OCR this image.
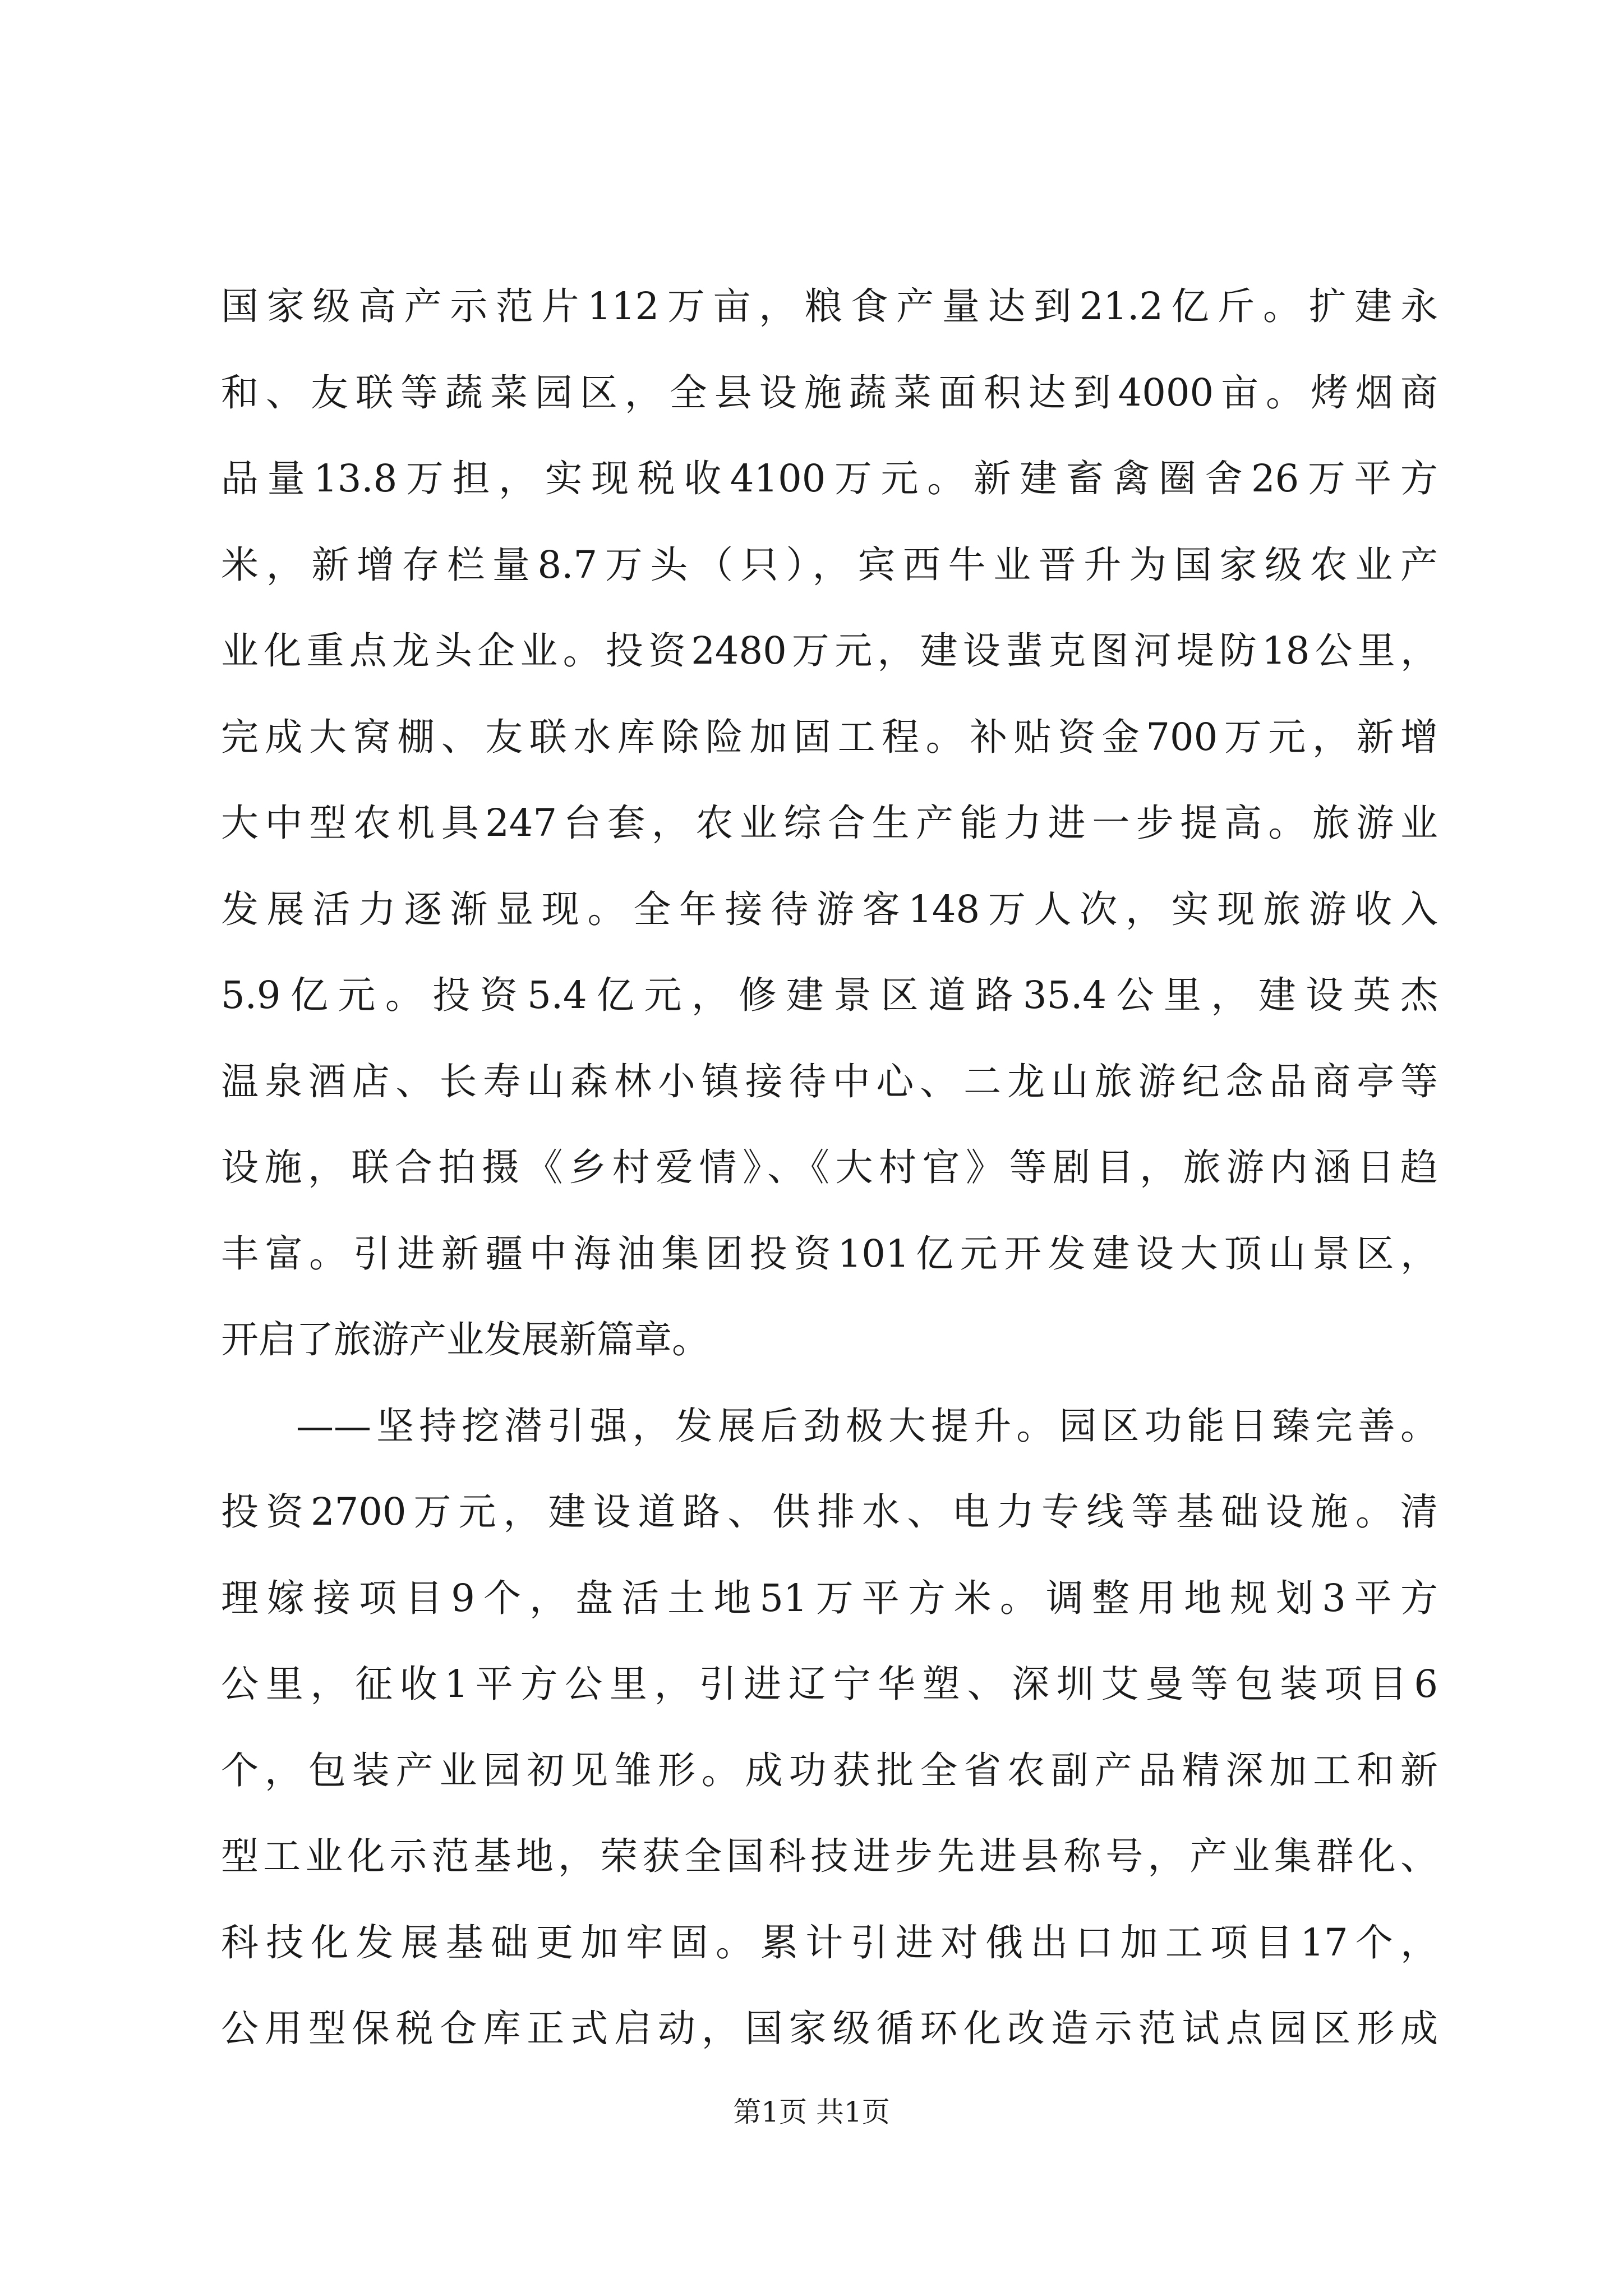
国家级高产示范片112万亩，粮食产量达到21.2亿斤。扩建永
和、友联等蔬菜园区，全县设施蔬菜面积达到4000亩。烤烟商
品量13.8万担，实现税收4100万元。新建畜禽圈舍26万平方
米，新增存栏量8.7万头（只），宾西牛业晋升为国家级农业产
业化重点龙头企业。投资2480万元，建设蜚克图河堤防18公里，
完成大窝棚、友联水库除险加固工程。补贴资金700万元，新增
大中型农机具247台套，农业综合生产能力进一步提高。旅游业
发展活力逐渐显现。全年接待游客148万人次，实现旅游收入
5.9亿元。投资5.4亿元，修建景区道路35.4公里，建设英杰
温泉酒店、长寿山森林小镇接待中心、二龙山旅游纪念品商亭等
设施，联合拍摄《乡村爱情》、《大村官》等剧目，旅游内涵日趋
丰富。引进新疆中海油集团投资101亿元开发建设大顶山景区，
开启了旅游产业发展新篇章。
——坚持挖潜引强，发展后劲极大提升。园区功能日臻完善。
投资2700万元，建设道路、供排水、电力专线等基础设施。清
理嫁接项目9个，盘活土地51万平方米。调整用地规划3平方
公里，征收1平方公里，引进辽宁华塑、深圳艾曼等包装项目6
个，包装产业园初见雏形。成功获批全省农副产品精深加工和新
型工业化示范基地，荣获全国科技进步先进县称号，产业集群化、
科技化发展基础更加牢固。累计引进对俄出口加工项目17个，
公用型保税仓库正式启动，国家级循环化改造示范试点园区形成
第1页 共1页
